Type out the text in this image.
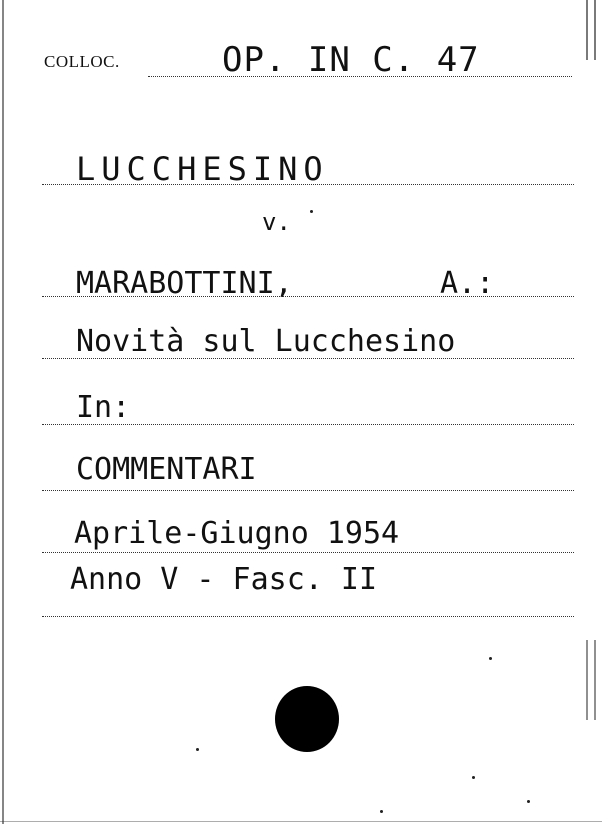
COLLOC.	OP. IN C. 47
LUCCHESINO
v.
MARABOTTINI,	A.:
Novità sul Lucchesino
In:
COMMENTARI
Aprile-Giugno 1954
Anno V - Fasc. II
